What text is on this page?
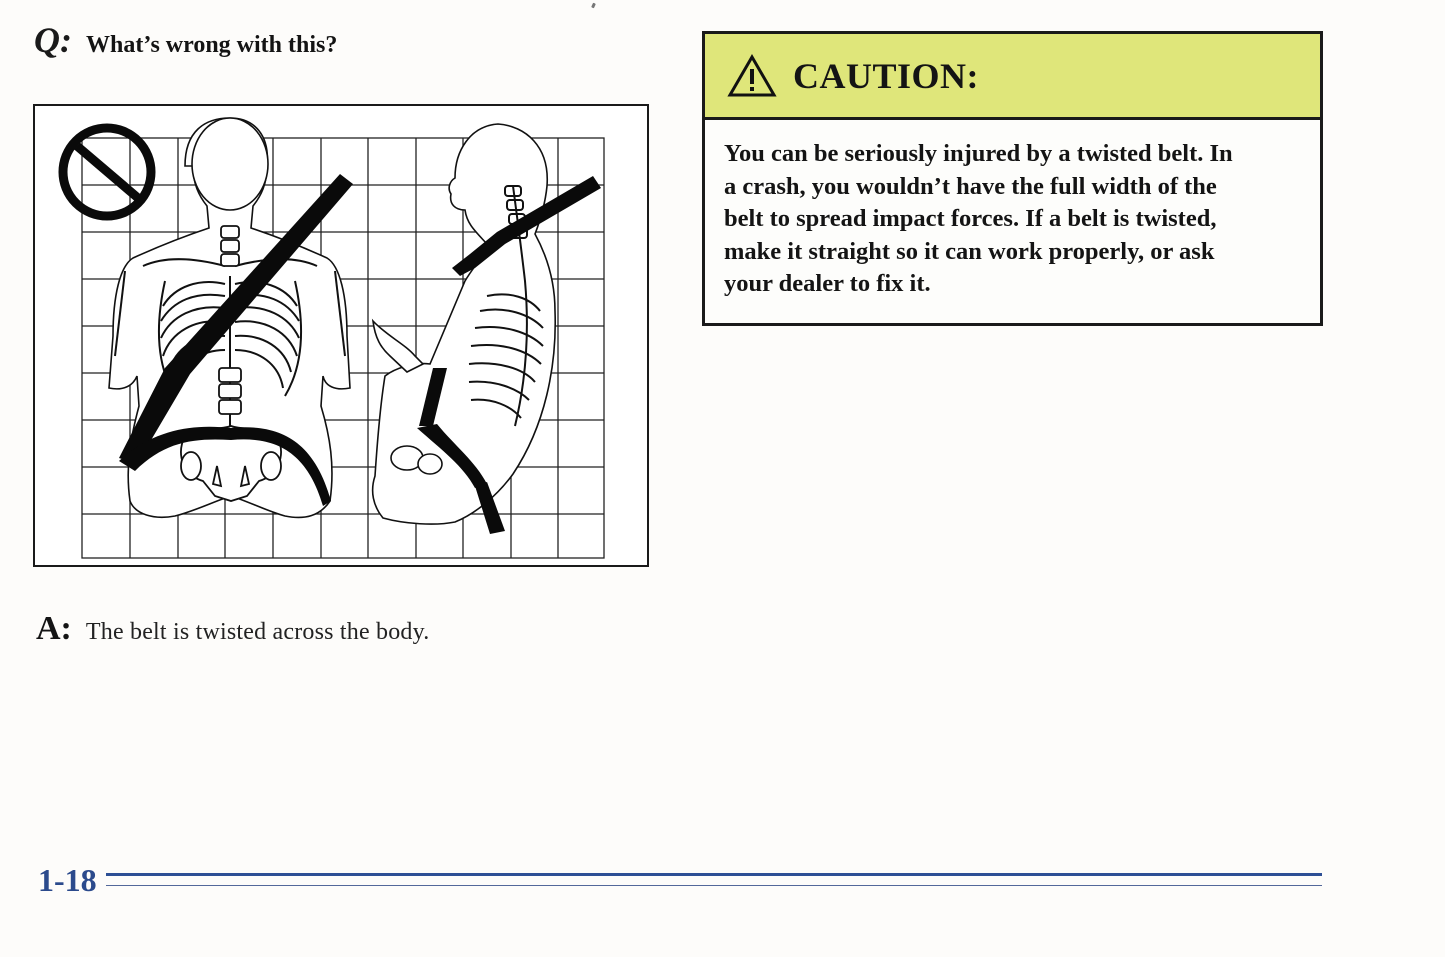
Q: What’s wrong with this?
A: The belt is twisted across the body.
CAUTION:

You can be seriously injured by a twisted belt. In

a crash, you wouldn’t have the full width of the

belt to spread impact forces. If a belt is twisted,

make it straight so it can work properly, or ask

your dealer to fix it.

1-18
